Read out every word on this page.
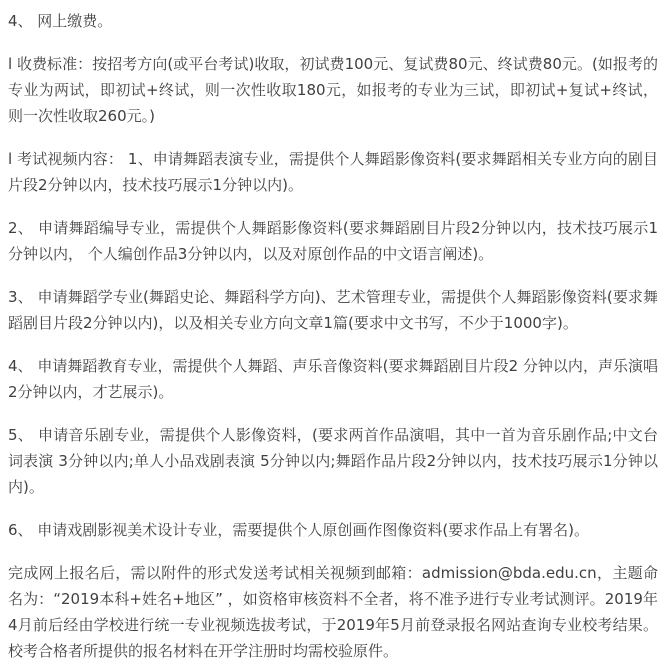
4、 网上缴费。

l 收费标准：按招考方向(或平台考试)收取，初试费100元、复试费80元、终试费80元。(如报考的专业为两试，即初试+终试，则一次性收取180元，如报考的专业为三试，即初试+复试+终试，则一次性收取260元。)

l 考试视频内容： 1、申请舞蹈表演专业，需提供个人舞蹈影像资料(要求舞蹈相关专业方向的剧目片段2分钟以内，技术技巧展示1分钟以内)。

2、 申请舞蹈编导专业，需提供个人舞蹈影像资料(要求舞蹈剧目片段2分钟以内，技术技巧展示1分钟以内， 个人编创作品3分钟以内，以及对原创作品的中文语言阐述)。

3、 申请舞蹈学专业(舞蹈史论、舞蹈科学方向)、艺术管理专业，需提供个人舞蹈影像资料(要求舞蹈剧目片段2分钟以内)，以及相关专业方向文章1篇(要求中文书写，不少于1000字)。

4、 申请舞蹈教育专业，需提供个人舞蹈、声乐音像资料(要求舞蹈剧目片段2 分钟以内，声乐演唱2分钟以内，才艺展示)。

5、 申请音乐剧专业，需提供个人影像资料，(要求两首作品演唱，其中一首为音乐剧作品;中文台词表演 3分钟以内;单人小品戏剧表演 5分钟以内;舞蹈作品片段2分钟以内，技术技巧展示1分钟以内)。

6、 申请戏剧影视美术设计专业，需要提供个人原创画作图像资料(要求作品上有署名)。

完成网上报名后，需以附件的形式发送考试相关视频到邮箱：admission@bda.edu.cn，主题命名为：“2019本科+姓名+地区” ，如资格审核资料不全者，将不准予进行专业考试测评。2019年4月前后经由学校进行统一专业视频选拔考试，于2019年5月前登录报名网站查询专业校考结果。校考合格者所提供的报名材料在开学注册时均需校验原件。
